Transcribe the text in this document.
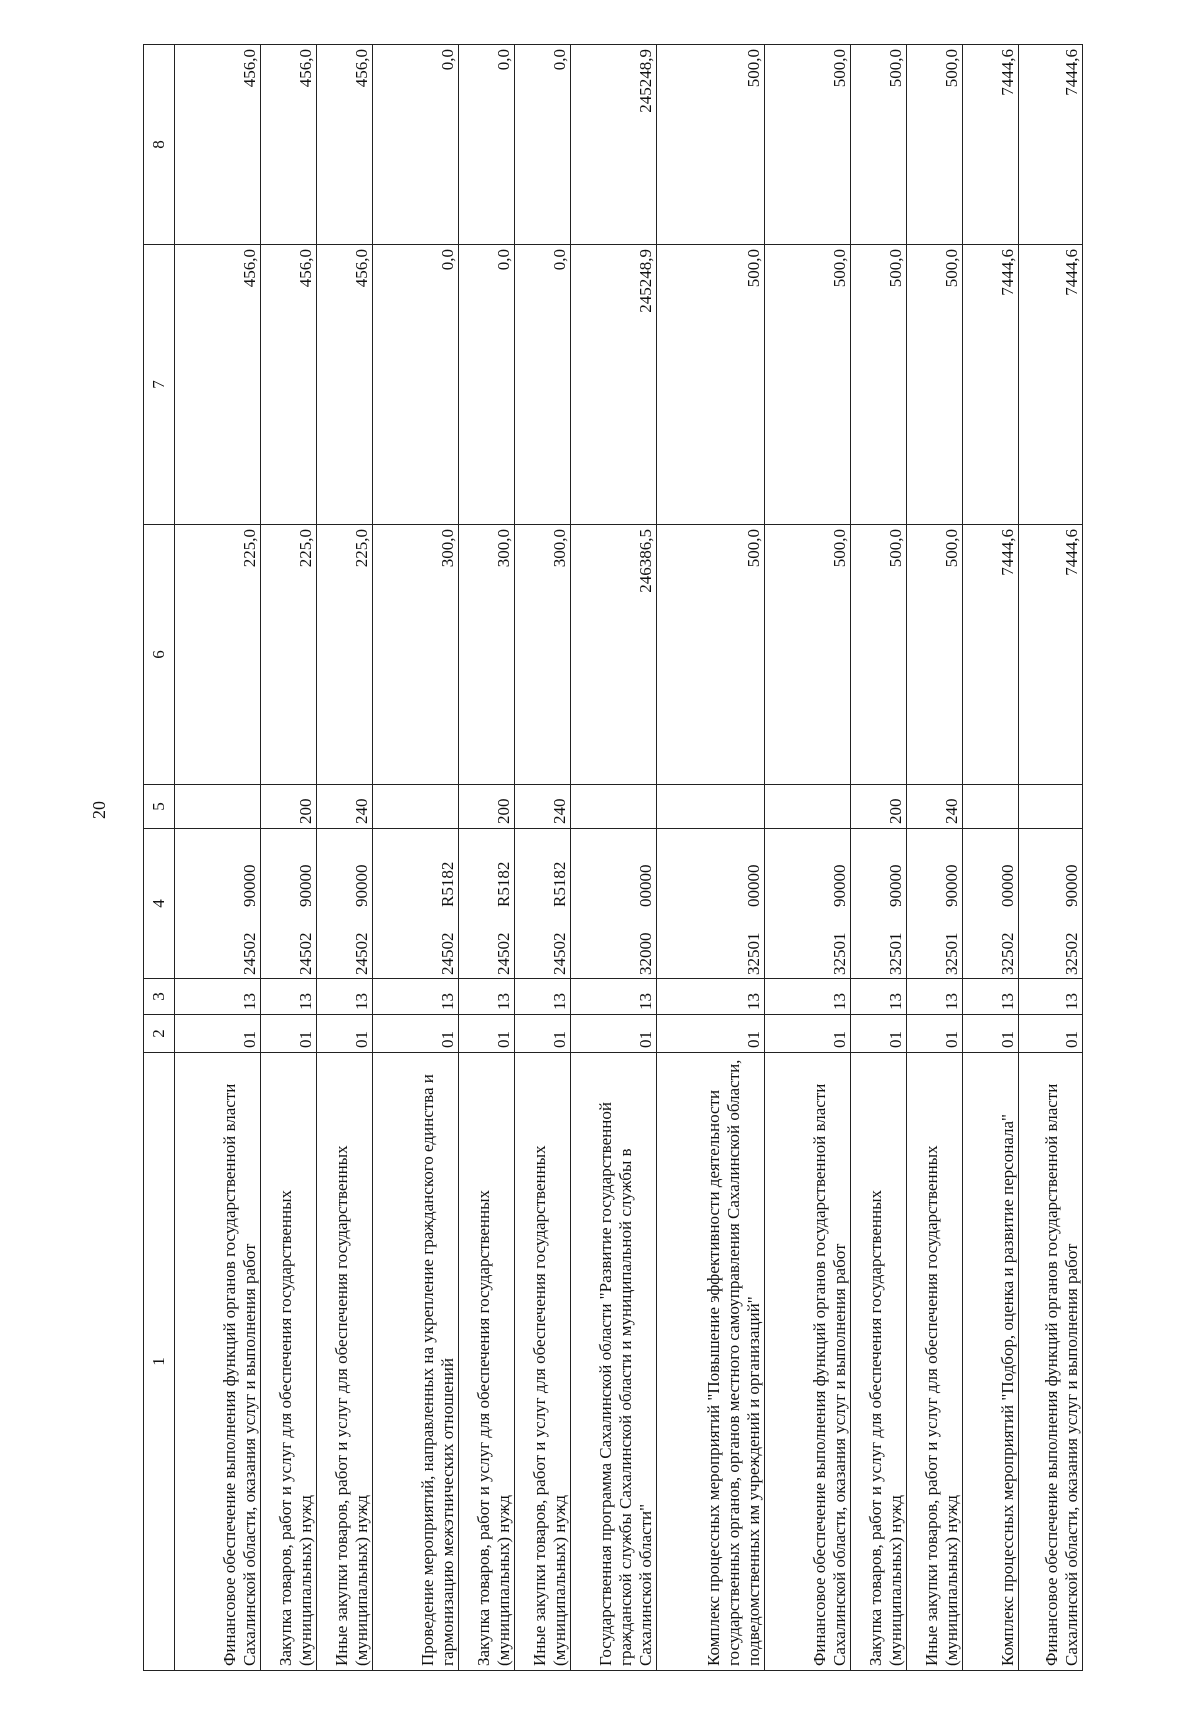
20
1	2	3	4	5	6	7	8
Финансовое обеспечение выполнения функций органов государственной власти Сахалинской области, оказания услуг и выполнения работ	01	13	2450290000		225,0	456,0	456,0
Закупка товаров, работ и услуг для обеспечения государственных (муниципальных) нужд	01	13	2450290000	200	225,0	456,0	456,0
Иные закупки товаров, работ и услуг для обеспечения государственных (муниципальных) нужд	01	13	2450290000	240	225,0	456,0	456,0
Проведение мероприятий, направленных на укрепление гражданского единства и гармонизацию межэтнических отношений	01	13	24502R5182		300,0	0,0	0,0
Закупка товаров, работ и услуг для обеспечения государственных (муниципальных) нужд	01	13	24502R5182	200	300,0	0,0	0,0
Иные закупки товаров, работ и услуг для обеспечения государственных (муниципальных) нужд	01	13	24502R5182	240	300,0	0,0	0,0
Государственная программа Сахалинской области "Развитие государственной гражданской службы Сахалинской области и муниципальной службы в Сахалинской области"	01	13	3200000000		246386,5	245248,9	245248,9
Комплекс процессных мероприятий "Повышение эффективности деятельности государственных органов, органов местного самоуправления Сахалинской области, подведомственных им учреждений и организаций"	01	13	3250100000		500,0	500,0	500,0
Финансовое обеспечение выполнения функций органов государственной власти Сахалинской области, оказания услуг и выполнения работ	01	13	3250190000		500,0	500,0	500,0
Закупка товаров, работ и услуг для обеспечения государственных (муниципальных) нужд	01	13	3250190000	200	500,0	500,0	500,0
Иные закупки товаров, работ и услуг для обеспечения государственных (муниципальных) нужд	01	13	3250190000	240	500,0	500,0	500,0
Комплекс процессных мероприятий "Подбор, оценка и развитие персонала"	01	13	3250200000		7444,6	7444,6	7444,6
Финансовое обеспечение выполнения функций органов государственной власти Сахалинской области, оказания услуг и выполнения работ	01	13	3250290000		7444,6	7444,6	7444,6
